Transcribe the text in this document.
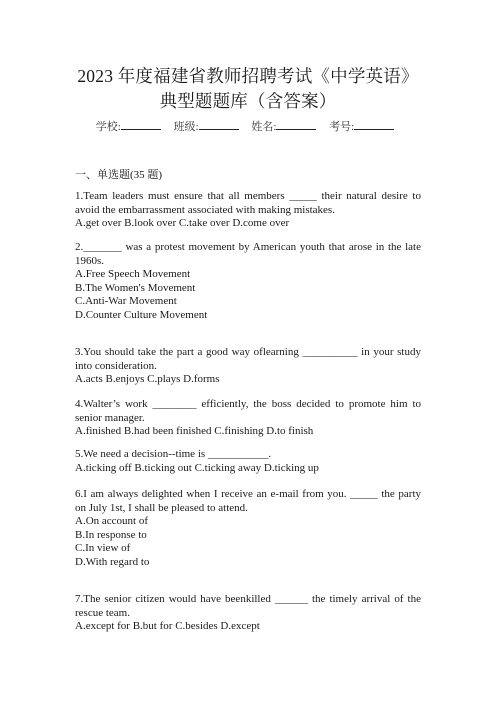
2023 年度福建省教师招聘考试《中学英语》
典型题题库（含答案）
学校:	班级:	姓名:	考号:
一、单选题(35 题)
1.Team leaders must ensure that all members _____ their natural desire to avoid the embarrassment associated with making mistakes.
A.get over B.look over C.take over D.come over
2._______ was a protest movement by American youth that arose in the late 1960s.
A.Free Speech Movement
B.The Women's Movement
C.Anti-War Movement
D.Counter Culture Movement
3.You should take the part a good way oflearning __________ in your study into consideration.
A.acts B.enjoys C.plays D.forms
4.Walter’s work ________ efficiently, the boss decided to promote him to senior manager.
A.finished B.had been finished C.finishing D.to finish
5.We need a decision--time is ___________.
A.ticking off B.ticking out C.ticking away D.ticking up
6.I am always delighted when I receive an e-mail from you. _____ the party on July 1st, I shall be pleased to attend.
A.On account of
B.In response to
C.In view of
D.With regard to
7.The senior citizen would have beenkilled ______ the timely arrival of the rescue team.
A.except for B.but for C.besides D.except
